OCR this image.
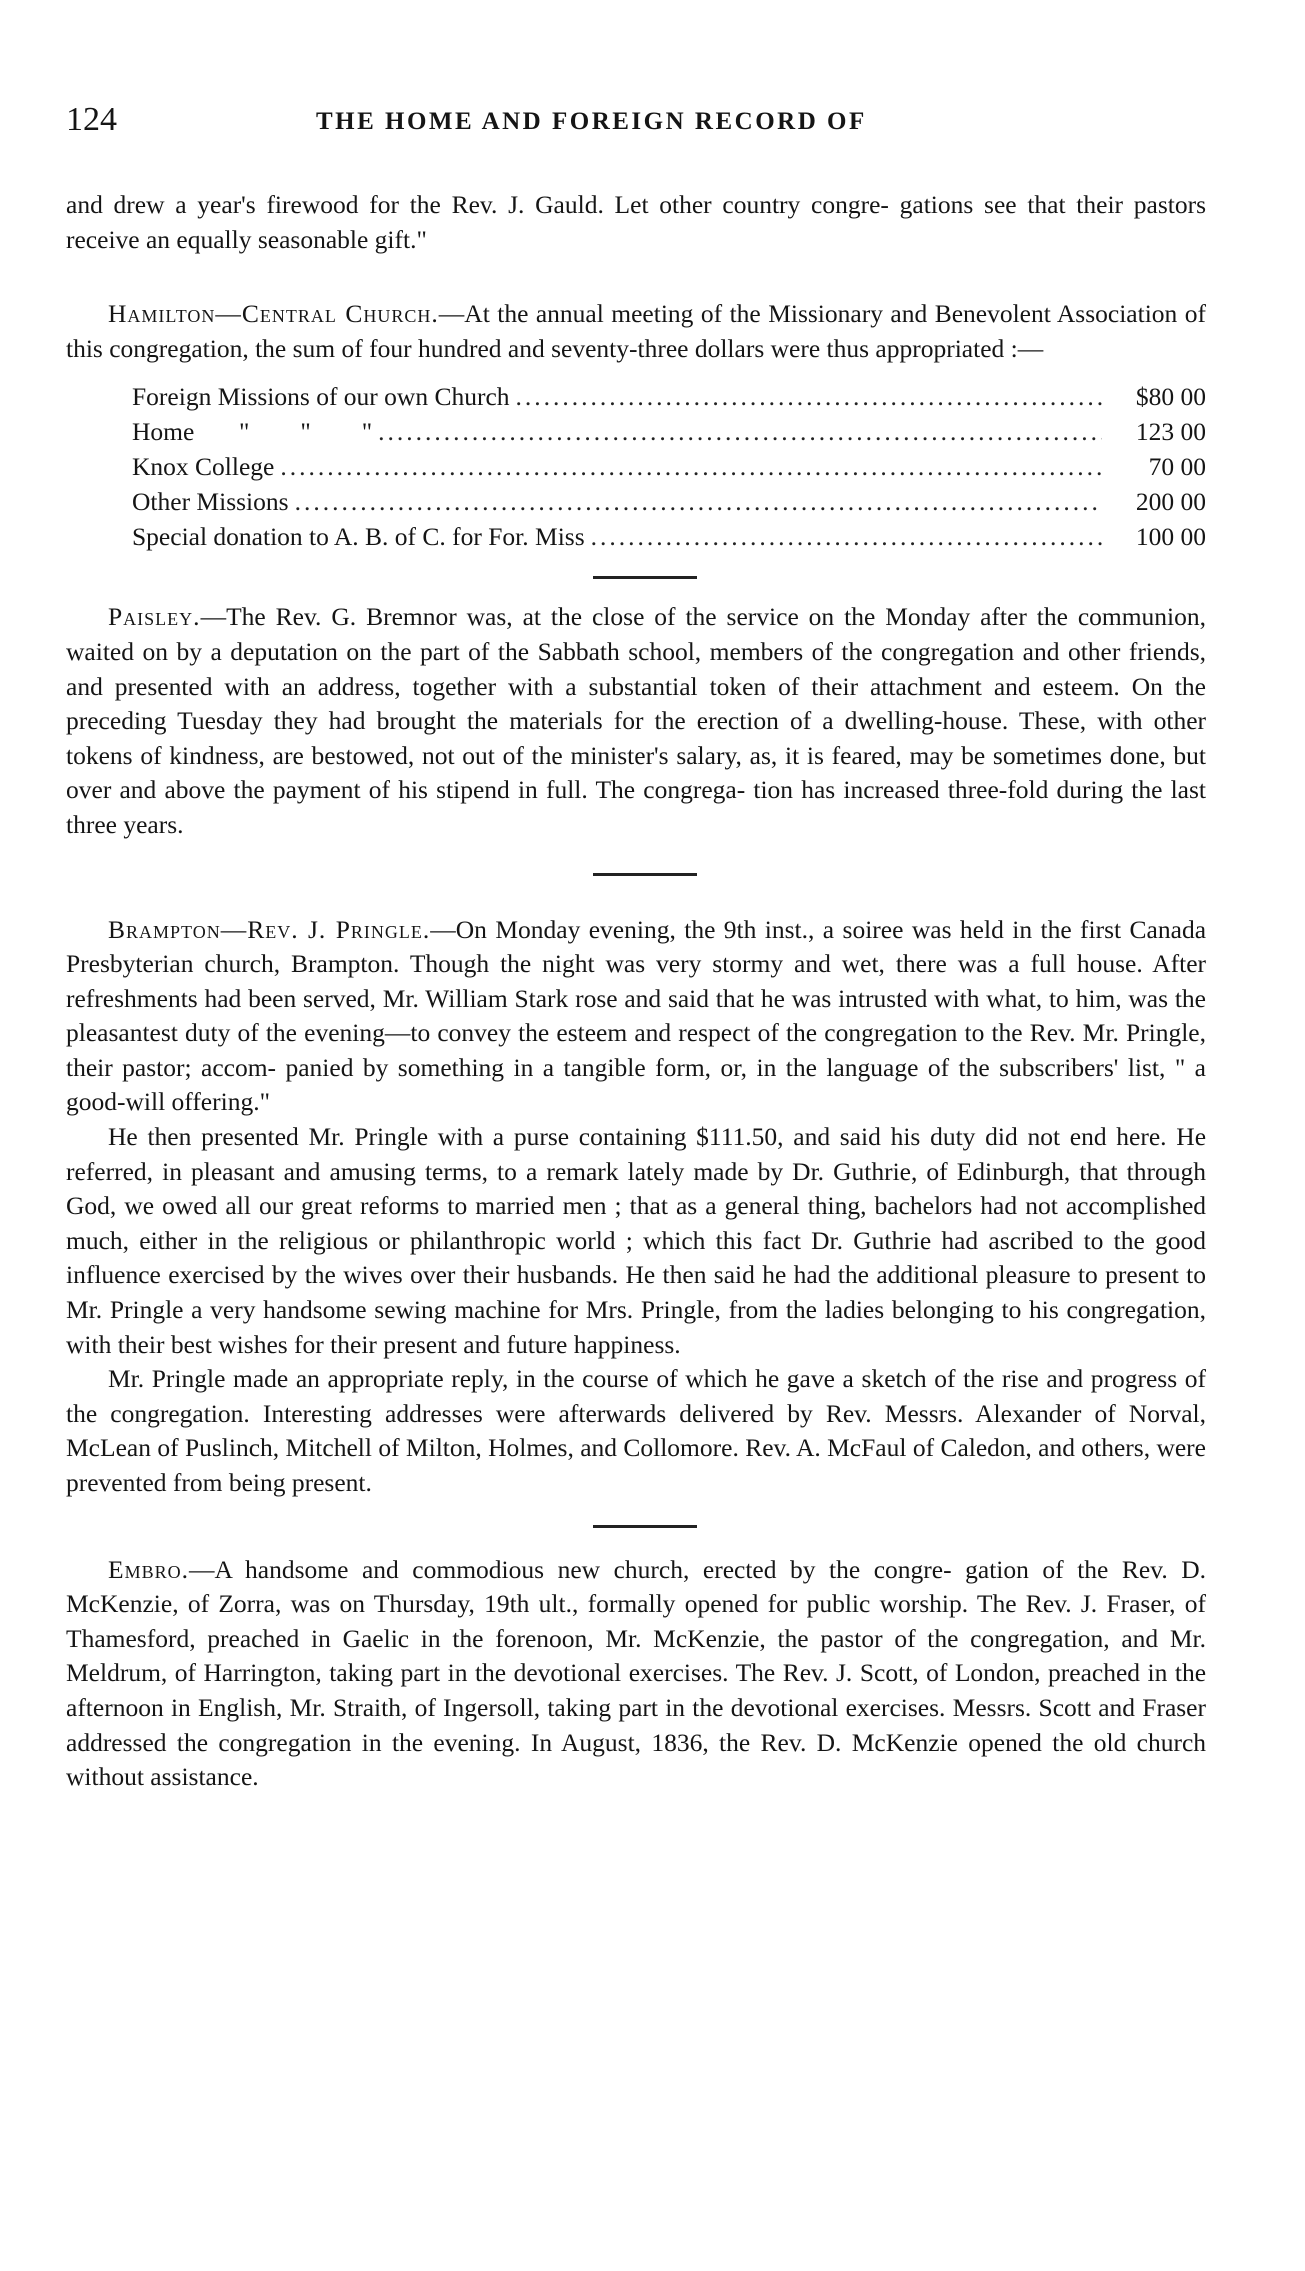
124	THE HOME AND FOREIGN RECORD OF

and drew a year's firewood for the Rev. J. Gauld. Let other country congre- gations see that their pastors receive an equally seasonable gift."

Hamilton—Central Church.—At the annual meeting of the Missionary and Benevolent Association of this congregation, the sum of four hundred and seventy-three dollars were thus appropriated :—

Foreign Missions of our own Church .....	$80 00
Home       "        "        " .....	123 00
Knox College .....	70 00
Other Missions .....	200 00
Special donation to A. B. of C. for For. Miss .....	100 00

Paisley.—The Rev. G. Bremnor was, at the close of the service on the Monday after the communion, waited on by a deputation on the part of the Sabbath school, members of the congregation and other friends, and presented with an address, together with a substantial token of their attachment and esteem. On the preceding Tuesday they had brought the materials for the erection of a dwelling-house. These, with other tokens of kindness, are bestowed, not out of the minister's salary, as, it is feared, may be sometimes done, but over and above the payment of his stipend in full. The congrega- tion has increased three-fold during the last three years.

Brampton—Rev. J. Pringle.—On Monday evening, the 9th inst., a soiree was held in the first Canada Presbyterian church, Brampton. Though the night was very stormy and wet, there was a full house. After refreshments had been served, Mr. William Stark rose and said that he was intrusted with what, to him, was the pleasantest duty of the evening—to convey the esteem and respect of the congregation to the Rev. Mr. Pringle, their pastor; accom- panied by something in a tangible form, or, in the language of the subscribers' list, " a good-will offering."

He then presented Mr. Pringle with a purse containing $111.50, and said his duty did not end here. He referred, in pleasant and amusing terms, to a remark lately made by Dr. Guthrie, of Edinburgh, that through God, we owed all our great reforms to married men ; that as a general thing, bachelors had not accomplished much, either in the religious or philanthropic world ; which this fact Dr. Guthrie had ascribed to the good influence exercised by the wives over their husbands. He then said he had the additional pleasure to present to Mr. Pringle a very handsome sewing machine for Mrs. Pringle, from the ladies belonging to his congregation, with their best wishes for their present and future happiness.

Mr. Pringle made an appropriate reply, in the course of which he gave a sketch of the rise and progress of the congregation. Interesting addresses were afterwards delivered by Rev. Messrs. Alexander of Norval, McLean of Puslinch, Mitchell of Milton, Holmes, and Collomore. Rev. A. McFaul of Caledon, and others, were prevented from being present.

Embro.—A handsome and commodious new church, erected by the congre- gation of the Rev. D. McKenzie, of Zorra, was on Thursday, 19th ult., formally opened for public worship. The Rev. J. Fraser, of Thamesford, preached in Gaelic in the forenoon, Mr. McKenzie, the pastor of the congregation, and Mr. Meldrum, of Harrington, taking part in the devotional exercises. The Rev. J. Scott, of London, preached in the afternoon in English, Mr. Straith, of Ingersoll, taking part in the devotional exercises. Messrs. Scott and Fraser addressed the congregation in the evening. In August, 1836, the Rev. D. McKenzie opened the old church without assistance.
